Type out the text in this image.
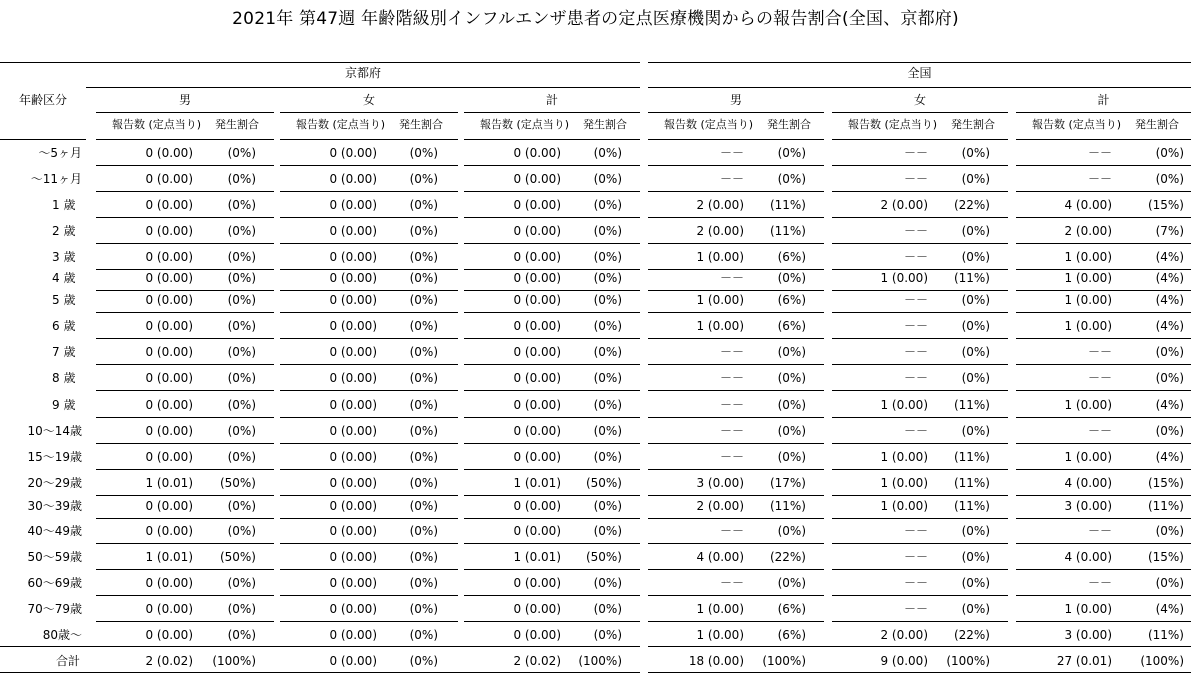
2021年 第47週 年齢階級別インフルエンザ患者の定点医療機関からの報告割合(全国、京都府)
京都府	全国
年齢区分	男
報告数 (定点当り) 発生割合
女
報告数 (定点当り) 発生割合
計
報告数 (定点当り) 発生割合
男
報告数 (定点当り) 発生割合
女
報告数 (定点当り) 発生割合
計
報告数 (定点当り) 発生割合
～5ヶ月	0 (0.00)	(0%)	0 (0.00)	(0%)	0 (0.00)	(0%)	－－	(0%)	－－	(0%)	－－	(0%)
～11ヶ月	0 (0.00)	(0%)	0 (0.00)	(0%)	0 (0.00)	(0%)	－－	(0%)	－－	(0%)	－－	(0%)
1 歳	0 (0.00)	(0%)	0 (0.00)	(0%)	0 (0.00)	(0%)	2 (0.00)	(11%)	2 (0.00)	(22%)	4 (0.00)	(15%)
2 歳	0 (0.00)	(0%)	0 (0.00)	(0%)	0 (0.00)	(0%)	2 (0.00)	(11%)	－－	(0%)	2 (0.00)	(7%)
3 歳	0 (0.00)	(0%)	0 (0.00)	(0%)	0 (0.00)	(0%)	1 (0.00)	(6%)	－－	(0%)	1 (0.00)	(4%)
4 歳	0 (0.00)	(0%)	0 (0.00)	(0%)	0 (0.00)	(0%)	－－	(0%)	1 (0.00)	(11%)	1 (0.00)	(4%)
5 歳	0 (0.00)	(0%)	0 (0.00)	(0%)	0 (0.00)	(0%)	1 (0.00)	(6%)	－－	(0%)	1 (0.00)	(4%)
6 歳	0 (0.00)	(0%)	0 (0.00)	(0%)	0 (0.00)	(0%)	1 (0.00)	(6%)	－－	(0%)	1 (0.00)	(4%)
7 歳	0 (0.00)	(0%)	0 (0.00)	(0%)	0 (0.00)	(0%)	－－	(0%)	－－	(0%)	－－	(0%)
8 歳	0 (0.00)	(0%)	0 (0.00)	(0%)	0 (0.00)	(0%)	－－	(0%)	－－	(0%)	－－	(0%)
9 歳	0 (0.00)	(0%)	0 (0.00)	(0%)	0 (0.00)	(0%)	－－	(0%)	1 (0.00)	(11%)	1 (0.00)	(4%)
10～14歳	0 (0.00)	(0%)	0 (0.00)	(0%)	0 (0.00)	(0%)	－－	(0%)	－－	(0%)	－－	(0%)
15～19歳	0 (0.00)	(0%)	0 (0.00)	(0%)	0 (0.00)	(0%)	－－	(0%)	1 (0.00)	(11%)	1 (0.00)	(4%)
20～29歳	1 (0.01)	(50%)	0 (0.00)	(0%)	1 (0.01)	(50%)	3 (0.00)	(17%)	1 (0.00)	(11%)	4 (0.00)	(15%)
30～39歳	0 (0.00)	(0%)	0 (0.00)	(0%)	0 (0.00)	(0%)	2 (0.00)	(11%)	1 (0.00)	(11%)	3 (0.00)	(11%)
40～49歳	0 (0.00)	(0%)	0 (0.00)	(0%)	0 (0.00)	(0%)	－－	(0%)	－－	(0%)	－－	(0%)
50～59歳	1 (0.01)	(50%)	0 (0.00)	(0%)	1 (0.01)	(50%)	4 (0.00)	(22%)	－－	(0%)	4 (0.00)	(15%)
60～69歳	0 (0.00)	(0%)	0 (0.00)	(0%)	0 (0.00)	(0%)	－－	(0%)	－－	(0%)	－－	(0%)
70～79歳	0 (0.00)	(0%)	0 (0.00)	(0%)	0 (0.00)	(0%)	1 (0.00)	(6%)	－－	(0%)	1 (0.00)	(4%)
80歳～	0 (0.00)	(0%)	0 (0.00)	(0%)	0 (0.00)	(0%)	1 (0.00)	(6%)	2 (0.00)	(22%)	3 (0.00)	(11%)
合計	2 (0.02)	(100%)	0 (0.00)	(0%)	2 (0.02)	(100%)	18 (0.00)	(100%)	9 (0.00)	(100%)	27 (0.01)	(100%)
